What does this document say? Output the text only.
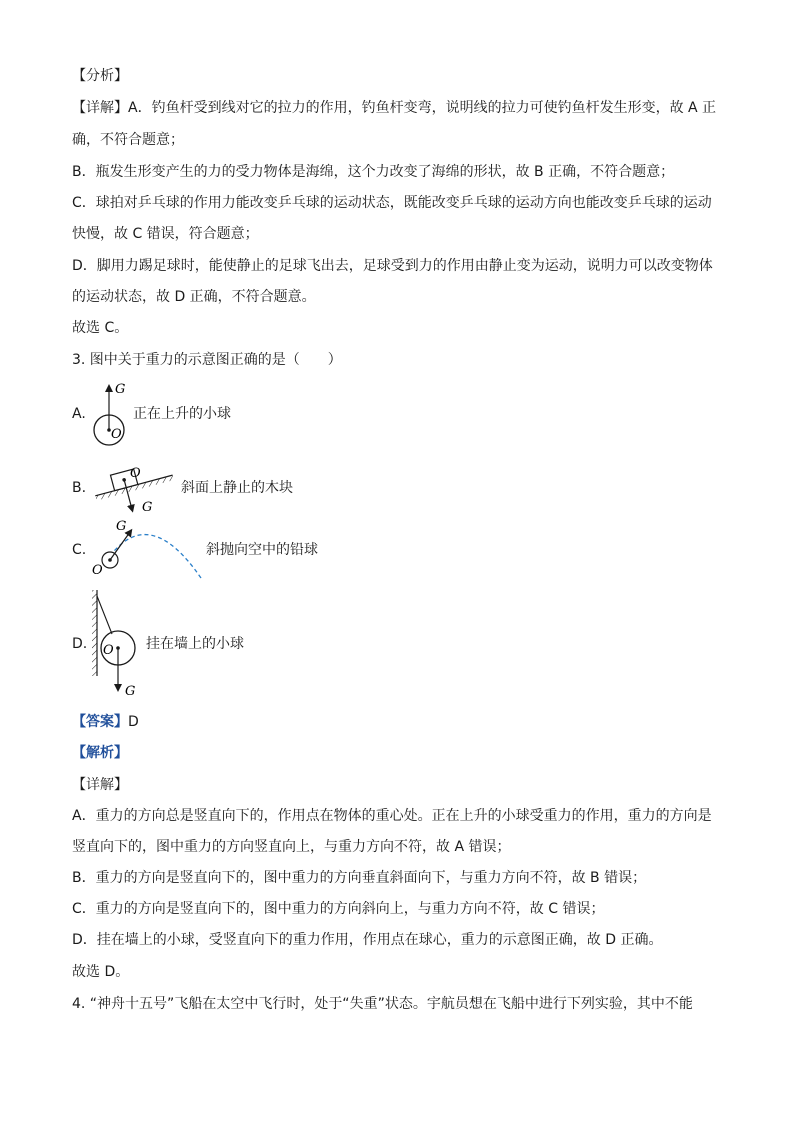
【分析】
【详解】A．钓鱼杆受到线对它的拉力的作用，钓鱼杆变弯，说明线的拉力可使钓鱼杆发生形变，故 A 正
确，不符合题意；
B．瓶发生形变产生的力的受力物体是海绵，这个力改变了海绵的形状，故 B 正确，不符合题意；
C．球拍对乒乓球的作用力能改变乒乓球的运动状态，既能改变乒乓球的运动方向也能改变乒乓球的运动
快慢，故 C 错误，符合题意；
D．脚用力踢足球时，能使静止的足球飞出去，足球受到力的作用由静止变为运动，说明力可以改变物体
的运动状态，故 D 正确，不符合题意。
故选 C。
3. 图中关于重力的示意图正确的是（　　）
A.
G
O
正在上升的小球
B.
O
G
斜面上静止的木块
C.
G
O
斜抛向空中的铅球
D. O
G
挂在墙上的小球
【答案】D
【解析】
【详解】
A．重力的方向总是竖直向下的，作用点在物体的重心处。正在上升的小球受重力的作用，重力的方向是
竖直向下的，图中重力的方向竖直向上，与重力方向不符，故 A 错误；
B．重力的方向是竖直向下的，图中重力的方向垂直斜面向下，与重力方向不符，故 B 错误；
C．重力的方向是竖直向下的，图中重力的方向斜向上，与重力方向不符，故 C 错误；
D．挂在墙上的小球，受竖直向下的重力作用，作用点在球心，重力的示意图正确，故 D 正确。
故选 D。
4. “神舟十五号”飞船在太空中飞行时，处于“失重”状态。宇航员想在飞船中进行下列实验，其中不能
